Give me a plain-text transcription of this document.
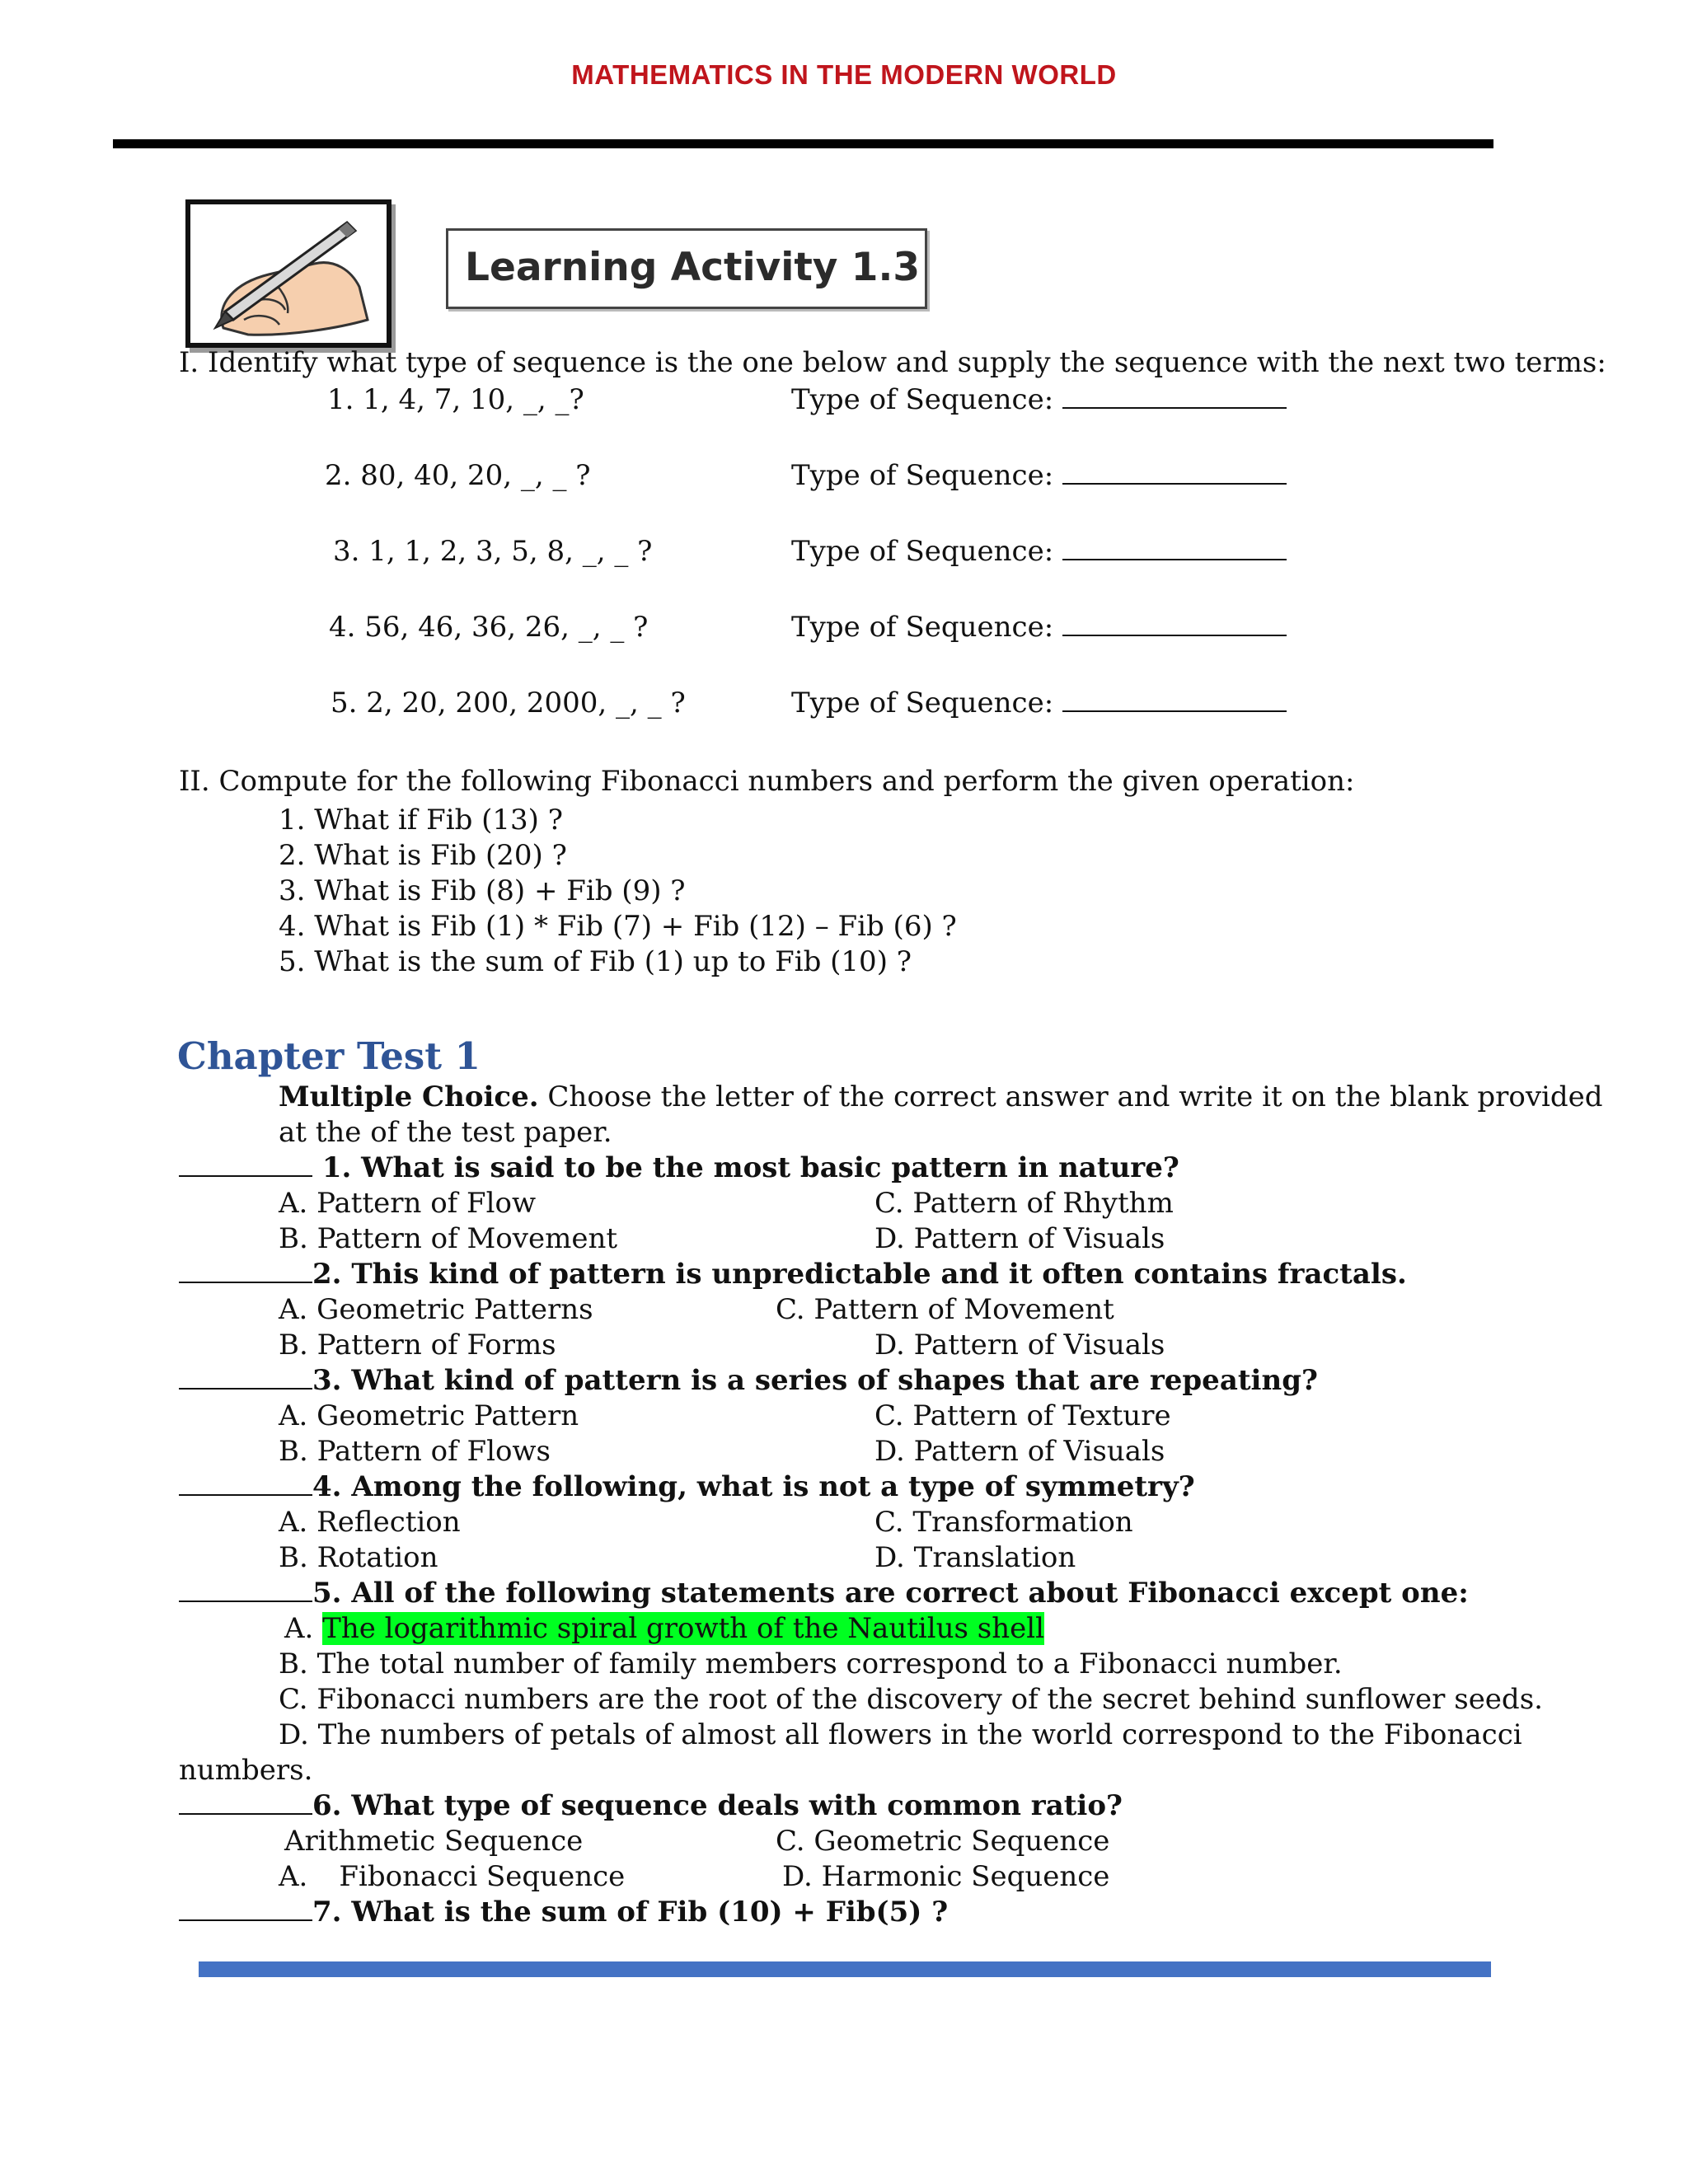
MATHEMATICS IN THE MODERN WORLD
Learning Activity 1.3
I. Identify what type of sequence is the one below and supply the sequence with the next two terms:
1. 1, 4, 7, 10, _, _?	Type of Sequence:
2. 80, 40, 20, _, _ ?	Type of Sequence:
3. 1, 1, 2, 3, 5, 8, _, _ ?	Type of Sequence:
4. 56, 46, 36, 26, _, _ ?	Type of Sequence:
5. 2, 20, 200, 2000, _, _ ?	Type of Sequence:
II. Compute for the following Fibonacci numbers and perform the given operation:
1. What if Fib (13) ?
2. What is Fib (20) ?
3. What is Fib (8) + Fib (9) ?
4. What is Fib (1) * Fib (7) + Fib (12) – Fib (6) ?
5. What is the sum of Fib (1) up to Fib (10) ?
Chapter Test 1
Multiple Choice. Choose the letter of the correct answer and write it on the blank provided
at the of the test paper.
1. What is said to be the most basic pattern in nature?
A. Pattern of Flow	C. Pattern of Rhythm
B. Pattern of Movement	D. Pattern of Visuals
2. This kind of pattern is unpredictable and it often contains fractals.
A. Geometric Patterns	C. Pattern of Movement
B. Pattern of Forms	D. Pattern of Visuals
3. What kind of pattern is a series of shapes that are repeating?
A. Geometric Pattern	C. Pattern of Texture
B. Pattern of Flows	D. Pattern of Visuals
4. Among the following, what is not a type of symmetry?
A. Reflection	C. Transformation
B. Rotation	D. Translation
5. All of the following statements are correct about Fibonacci except one:
A. The logarithmic spiral growth of the Nautilus shell
B. The total number of family members correspond to a Fibonacci number.
C. Fibonacci numbers are the root of the discovery of the secret behind sunflower seeds.
D. The numbers of petals of almost all flowers in the world correspond to the Fibonacci
numbers.
6. What type of sequence deals with common ratio?
Arithmetic Sequence	C. Geometric Sequence
A. Fibonacci Sequence	D. Harmonic Sequence
7. What is the sum of Fib (10) + Fib(5) ?
